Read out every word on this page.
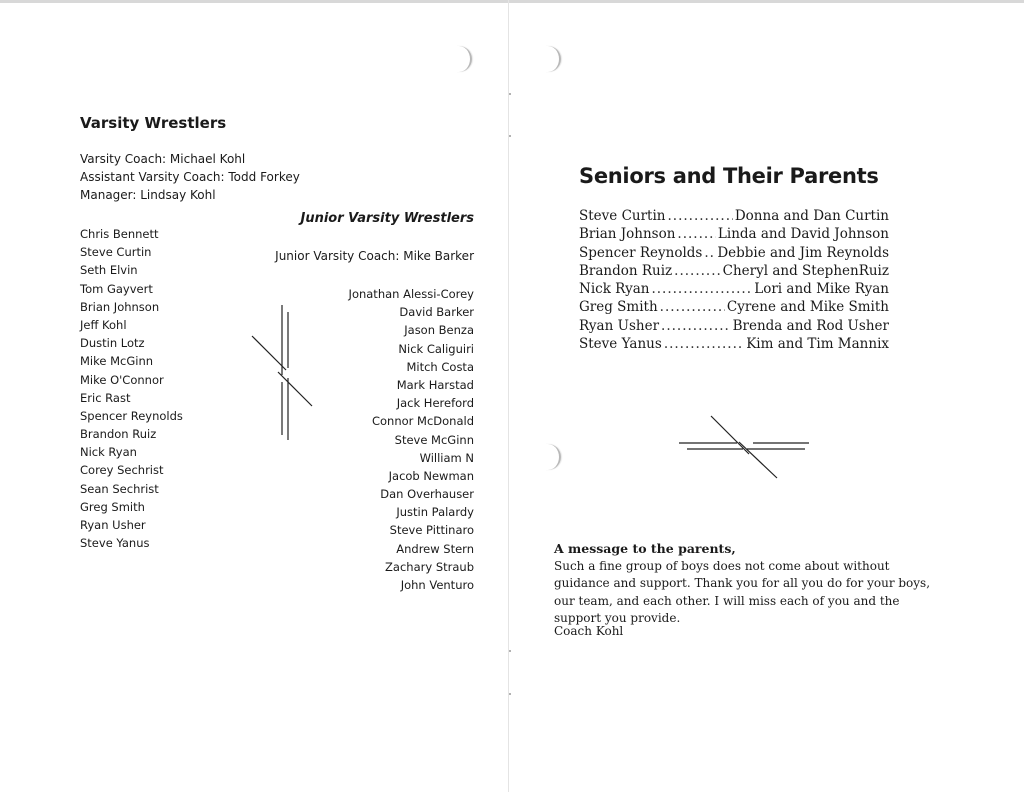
Varsity Wrestlers
Varsity Coach: Michael Kohl
Assistant Varsity Coach: Todd Forkey
Manager: Lindsay Kohl
Chris Bennett
Steve Curtin
Seth Elvin
Tom Gayvert
Brian Johnson
Jeff Kohl
Dustin Lotz
Mike McGinn
Mike O'Connor
Eric Rast
Spencer Reynolds
Brandon Ruiz
Nick Ryan
Corey Sechrist
Sean Sechrist
Greg Smith
Ryan Usher
Steve Yanus
Junior Varsity Wrestlers
Junior Varsity Coach: Mike Barker
Jonathan Alessi-Corey
David Barker
Jason Benza
Nick Caliguiri
Mitch Costa
Mark Harstad
Jack Hereford
Connor McDonald
Steve McGinn
William N
Jacob Newman
Dan Overhauser
Justin Palardy
Steve Pittinaro
Andrew Stern
Zachary Straub
John Venturo
Seniors and Their Parents
Steve Curtin .....	Donna and Dan Curtin
Brian Johnson .....	Linda and David Johnson
Spencer Reynolds ..... Debbie and Jim Reynolds
Brandon Ruiz .....	Cheryl and StephenRuiz
Nick Ryan .....	Lori and Mike Ryan
Greg Smith .....	Cyrene and Mike Smith
Ryan Usher .....	Brenda and Rod Usher
Steve Yanus .....	Kim and Tim Mannix
A message to the parents,
Such a fine group of boys does not come about without guidance and support. Thank you for all you do for your boys, our team, and each other. I will miss each of you and the support you provide.
Coach Kohl
